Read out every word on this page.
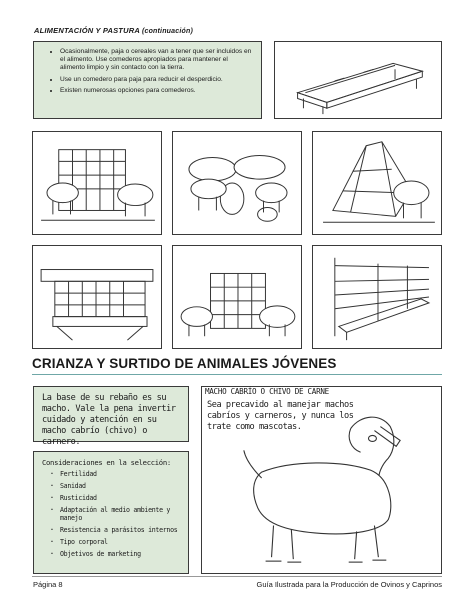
ALIMENTACIÓN Y PASTURA (continuación)
• Ocasionalmente, paja o cereales van a tener que ser incluidos en el alimento. Use comederos apropiados para mantener el alimento limpio y sin contacto con la tierra.
• Use un comedero para paja para reducir el desperdicio.
• Existen numerosas opciones para comederos.
CRIANZA Y SURTIDO DE ANIMALES JÓVENES
La base de su rebaño es su macho. Vale la pena invertir cuidado y atención en su macho cabrío (chivo) o carnero.
Consideraciones en la selección:
· Fertilidad
· Sanidad
· Rusticidad
· Adaptación al medio ambiente y manejo
· Resistencia a parásitos internos
· Tipo corporal
· Objetivos de marketing
MACHO CABRÍO O CHIVO DE CARNE
Sea precavido al manejar machos cabríos y carneros, y nunca los trate como mascotas.
Página 8	Guía Ilustrada para la Producción de Ovinos y Caprinos
